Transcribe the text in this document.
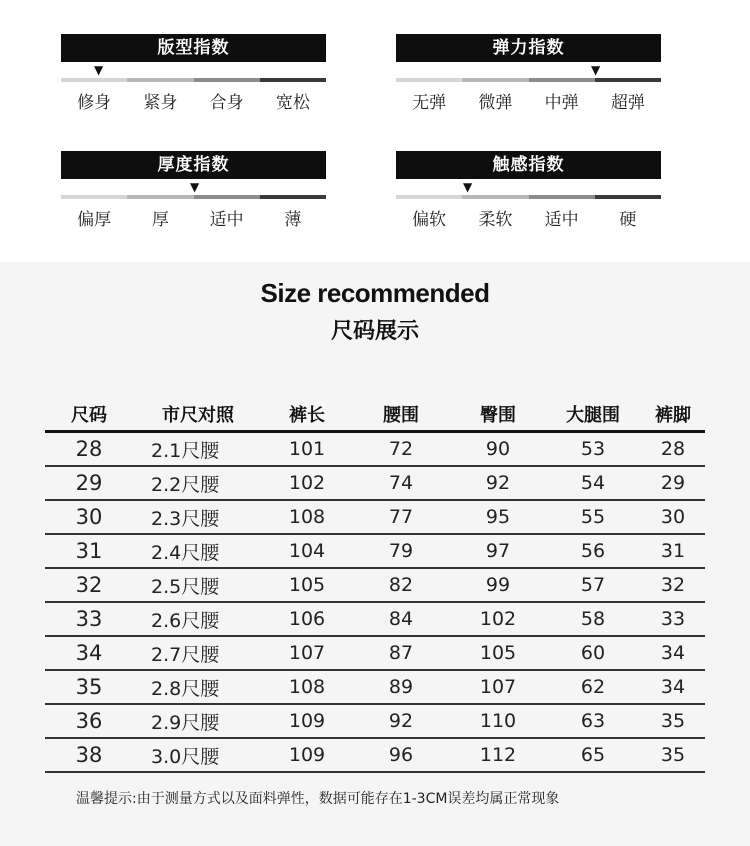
版型指数
▼
修身	紧身	合身	宽松
弹力指数
▼
无弹	微弹	中弹	超弹
厚度指数
▼
偏厚	厚	适中	薄
触感指数
▼
偏软	柔软	适中	硬
Size recommended
尺码展示
尺码	市尺对照	裤长	腰围	臀围	大腿围	裤脚
28	2.1尺腰	101	72	90	53	28
29	2.2尺腰	102	74	92	54	29
30	2.3尺腰	108	77	95	55	30
31	2.4尺腰	104	79	97	56	31
32	2.5尺腰	105	82	99	57	32
33	2.6尺腰	106	84	102	58	33
34	2.7尺腰	107	87	105	60	34
35	2.8尺腰	108	89	107	62	34
36	2.9尺腰	109	92	110	63	35
38	3.0尺腰	109	96	112	65	35
温馨提示:由于测量方式以及面料弹性，数据可能存在1-3CM误差均属正常现象
